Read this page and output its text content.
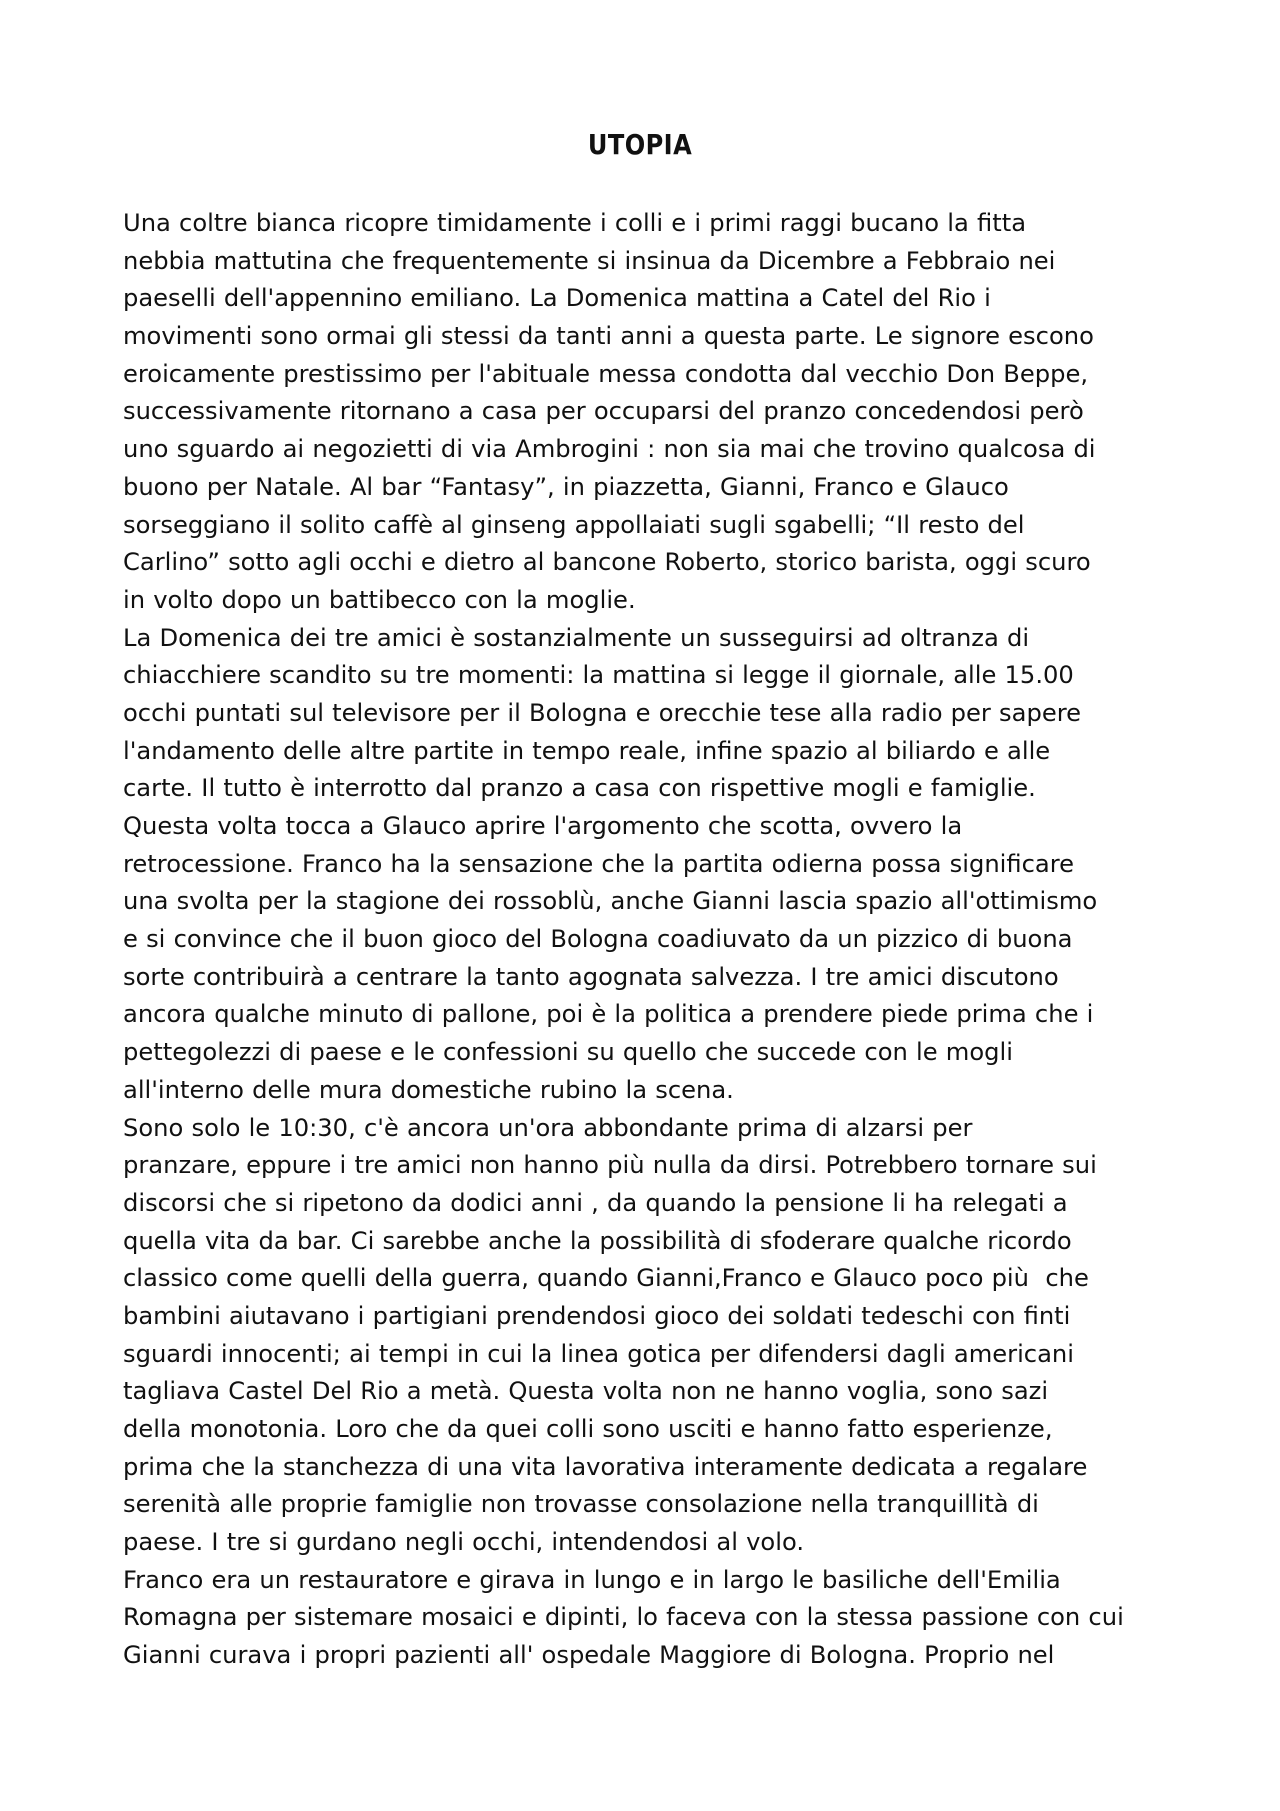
UTOPIA
Una coltre bianca ricopre timidamente i colli e i primi raggi bucano la fitta
nebbia mattutina che frequentemente si insinua da Dicembre a Febbraio nei
paeselli dell'appennino emiliano. La Domenica mattina a Catel del Rio i
movimenti sono ormai gli stessi da tanti anni a questa parte. Le signore escono
eroicamente prestissimo per l'abituale messa condotta dal vecchio Don Beppe,
successivamente ritornano a casa per occuparsi del pranzo concedendosi però
uno sguardo ai negozietti di via Ambrogini : non sia mai che trovino qualcosa di
buono per Natale. Al bar “Fantasy”, in piazzetta, Gianni, Franco e Glauco
sorseggiano il solito caffè al ginseng appollaiati sugli sgabelli; “Il resto del
Carlino” sotto agli occhi e dietro al bancone Roberto, storico barista, oggi scuro
in volto dopo un battibecco con la moglie.
La Domenica dei tre amici è sostanzialmente un susseguirsi ad oltranza di
chiacchiere scandito su tre momenti: la mattina si legge il giornale, alle 15.00
occhi puntati sul televisore per il Bologna e orecchie tese alla radio per sapere
l'andamento delle altre partite in tempo reale, infine spazio al biliardo e alle
carte. Il tutto è interrotto dal pranzo a casa con rispettive mogli e famiglie.
Questa volta tocca a Glauco aprire l'argomento che scotta, ovvero la
retrocessione. Franco ha la sensazione che la partita odierna possa significare
una svolta per la stagione dei rossoblù, anche Gianni lascia spazio all'ottimismo
e si convince che il buon gioco del Bologna coadiuvato da un pizzico di buona
sorte contribuirà a centrare la tanto agognata salvezza. I tre amici discutono
ancora qualche minuto di pallone, poi è la politica a prendere piede prima che i
pettegolezzi di paese e le confessioni su quello che succede con le mogli
all'interno delle mura domestiche rubino la scena.
Sono solo le 10:30, c'è ancora un'ora abbondante prima di alzarsi per
pranzare, eppure i tre amici non hanno più nulla da dirsi. Potrebbero tornare sui
discorsi che si ripetono da dodici anni , da quando la pensione li ha relegati a
quella vita da bar. Ci sarebbe anche la possibilità di sfoderare qualche ricordo
classico come quelli della guerra, quando Gianni,Franco e Glauco poco più  che
bambini aiutavano i partigiani prendendosi gioco dei soldati tedeschi con finti
sguardi innocenti; ai tempi in cui la linea gotica per difendersi dagli americani
tagliava Castel Del Rio a metà. Questa volta non ne hanno voglia, sono sazi
della monotonia. Loro che da quei colli sono usciti e hanno fatto esperienze,
prima che la stanchezza di una vita lavorativa interamente dedicata a regalare
serenità alle proprie famiglie non trovasse consolazione nella tranquillità di
paese. I tre si gurdano negli occhi, intendendosi al volo.
Franco era un restauratore e girava in lungo e in largo le basiliche dell'Emilia
Romagna per sistemare mosaici e dipinti, lo faceva con la stessa passione con cui
Gianni curava i propri pazienti all' ospedale Maggiore di Bologna. Proprio nel
